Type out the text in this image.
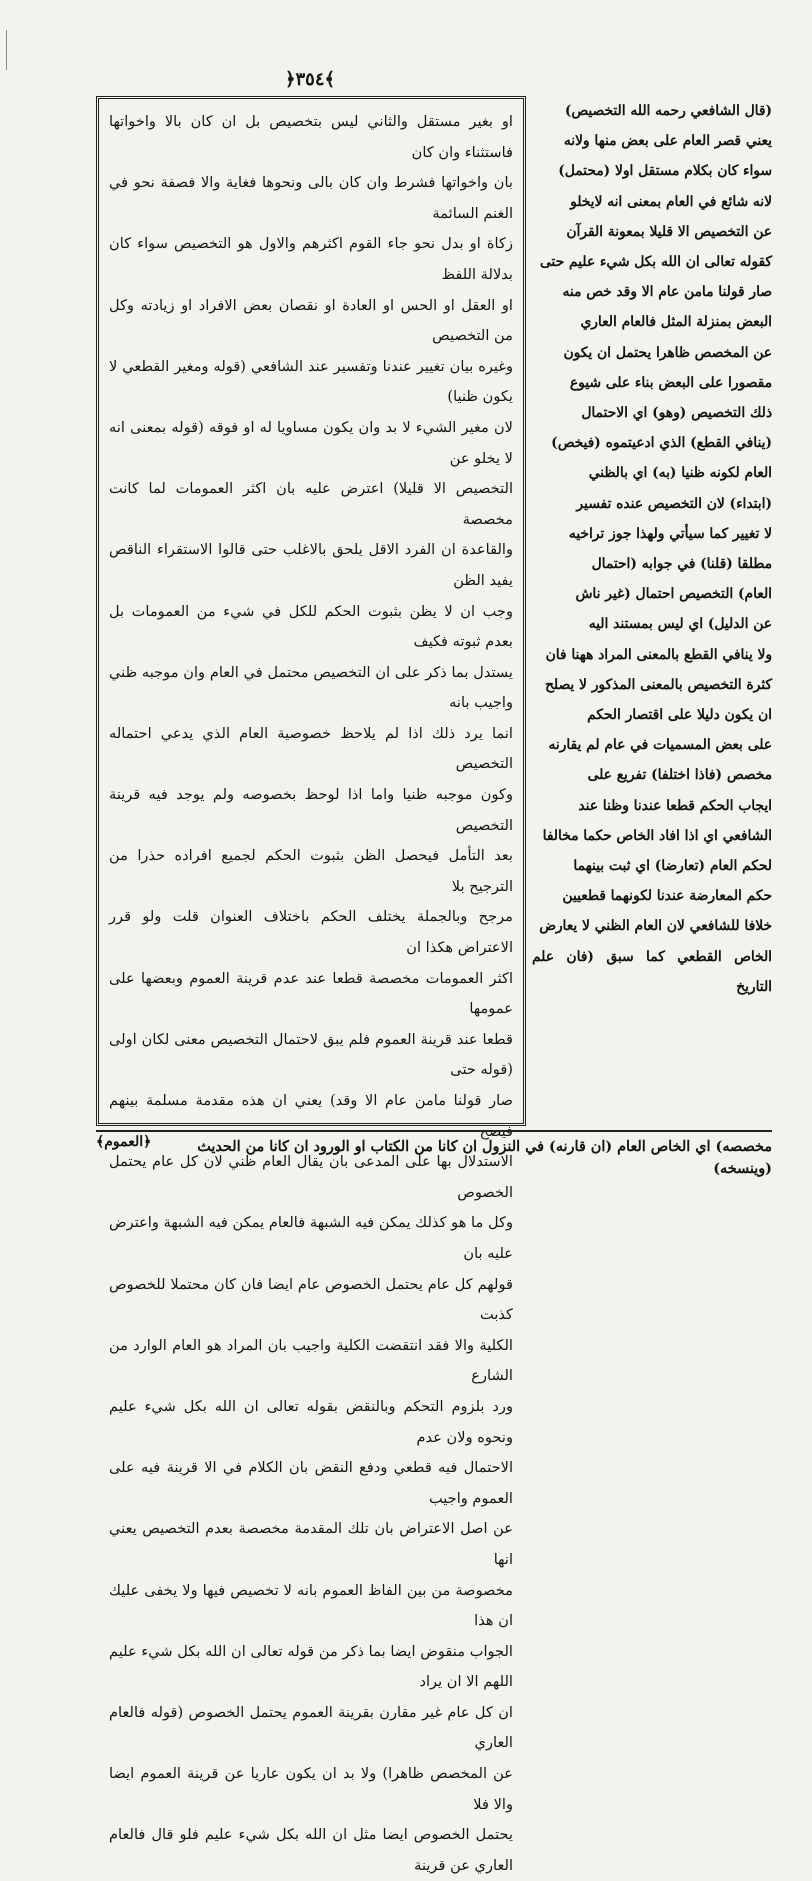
﴿٣٥٤﴾
او بغير مستقل والثاني ليس بتخصيص بل ان كان بالا واخواتها فاستثناء وان كان
بان واخواتها فشرط وان كان بالى ونحوها فغاية والا فصفة نحو في الغنم السائمة
زكاة او بدل نحو جاء القوم اكثرهم والاول هو التخصيص سواء كان بدلالة اللفظ
او العقل او الحس او العادة او نقصان بعض الافراد او زيادته وكل من التخصيص
وغيره بيان تغيير عندنا وتفسير عند الشافعي (قوله ومغير القطعي لا يكون ظنيا)
لان مغير الشيء لا بد وان يكون مساويا له او فوقه (قوله بمعنى انه لا يخلو عن
التخصيص الا قليلا) اعترض عليه بان اكثر العمومات لما كانت مخصصة
والقاعدة ان الفرد الاقل يلحق بالاغلب حتى قالوا الاستقراء الناقص يفيد الظن
وجب ان لا يظن بثبوت الحكم للكل في شيء من العمومات بل بعدم ثبوته فكيف
يستدل بما ذكر على ان التخصيص محتمل في العام وان موجبه ظني واجيب بانه
انما يرد ذلك اذا لم يلاحظ خصوصية العام الذي يدعي احتماله التخصيص
وكون موجبه ظنيا واما اذا لوحظ بخصوصه ولم يوجد فيه قرينة التخصيص
بعد التأمل فيحصل الظن بثبوت الحكم لجميع افراده حذرا من الترجيح بلا
مرجح وبالجملة يختلف الحكم باختلاف العنوان قلت ولو قرر الاعتراض هكذا ان
اكثر العمومات مخصصة قطعا عند عدم قرينة العموم وبعضها على عمومها
قطعا عند قرينة العموم فلم يبق لاحتمال التخصيص معنى لكان اولى (قوله حتى
صار قولنا مامن عام الا وقد) يعني ان هذه مقدمة مسلمة بينهم فيصح
الاستدلال بها على المدعى بان يقال العام ظني لان كل عام يحتمل الخصوص
وكل ما هو كذلك يمكن فيه الشبهة فالعام يمكن فيه الشبهة واعترض عليه بان
قولهم كل عام يحتمل الخصوص عام ايضا فان كان محتملا للخصوص كذبت
الكلية والا فقد انتقضت الكلية واجيب بان المراد هو العام الوارد من الشارع
ورد بلزوم التحكم وبالنقض بقوله تعالى ان الله بكل شيء عليم ونحوه ولان عدم
الاحتمال فيه قطعي ودفع النقض بان الكلام في الا قرينة فيه على العموم واجيب
عن اصل الاعتراض بان تلك المقدمة مخصصة بعدم التخصيص يعني انها
مخصوصة من بين الفاظ العموم بانه لا تخصيص فيها ولا يخفى عليك ان هذا
الجواب منقوض ايضا بما ذكر من قوله تعالى ان الله بكل شيء عليم اللهم الا ان يراد
ان كل عام غير مقارن بقرينة العموم يحتمل الخصوص (قوله فالعام العاري
عن المخصص ظاهرا) ولا بد ان يكون عاريا عن قرينة العموم ايضا والا فلا
يحتمل الخصوص ايضا مثل ان الله بكل شيء عليم فلو قال فالعام العاري عن قرينة
(قال الشافعي رحمه الله التخصيص)
يعني قصر العام على بعض منها ولانه
سواء كان بكلام مستقل اولا (محتمل)
لانه شائع في العام بمعنى انه لايخلو
عن التخصيص الا قليلا بمعونة القرآن
كقوله تعالى ان الله بكل شيء عليم حتى
صار قولنا مامن عام الا وقد خص منه
البعض بمنزلة المثل فالعام العاري
عن المخصص ظاهرا يحتمل ان يكون
مقصورا على البعض بناء على شيوع
ذلك التخصيص (وهو) اي الاحتمال
(ينافي القطع) الذي ادعيتموه (فيخص)
العام لكونه ظنيا (به) اي بالظني
(ابتداء) لان التخصيص عنده تفسير
لا تغيير كما سيأتي ولهذا جوز تراخيه
مطلقا (قلنا) في جوابه (احتمال
العام) التخصيص احتمال (غير ناش
عن الدليل) اي ليس بمستند اليه
ولا ينافي القطع بالمعنى المراد ههنا فان
كثرة التخصيص بالمعنى المذكور لا يصلح
ان يكون دليلا على اقتصار الحكم
على بعض المسميات في عام لم يقارنه
مخصص (فاذا اختلفا) تفريع على
ايجاب الحكم قطعا عندنا وظنا عند
الشافعي اي اذا افاد الخاص حكما مخالفا
لحكم العام (تعارضا) اي ثبت بينهما
حكم المعارضة عندنا لكونهما قطعيين
خلافا للشافعي لان العام الظني لا يعارض
الخاص القطعي كما سبق (فان علم التاريخ
مخصصه) اي الخاص العام (ان قارنه) في النزول ان كانا من الكتاب او الورود ان كانا من الحديث
(وينسخه)
﴿العموم﴾
